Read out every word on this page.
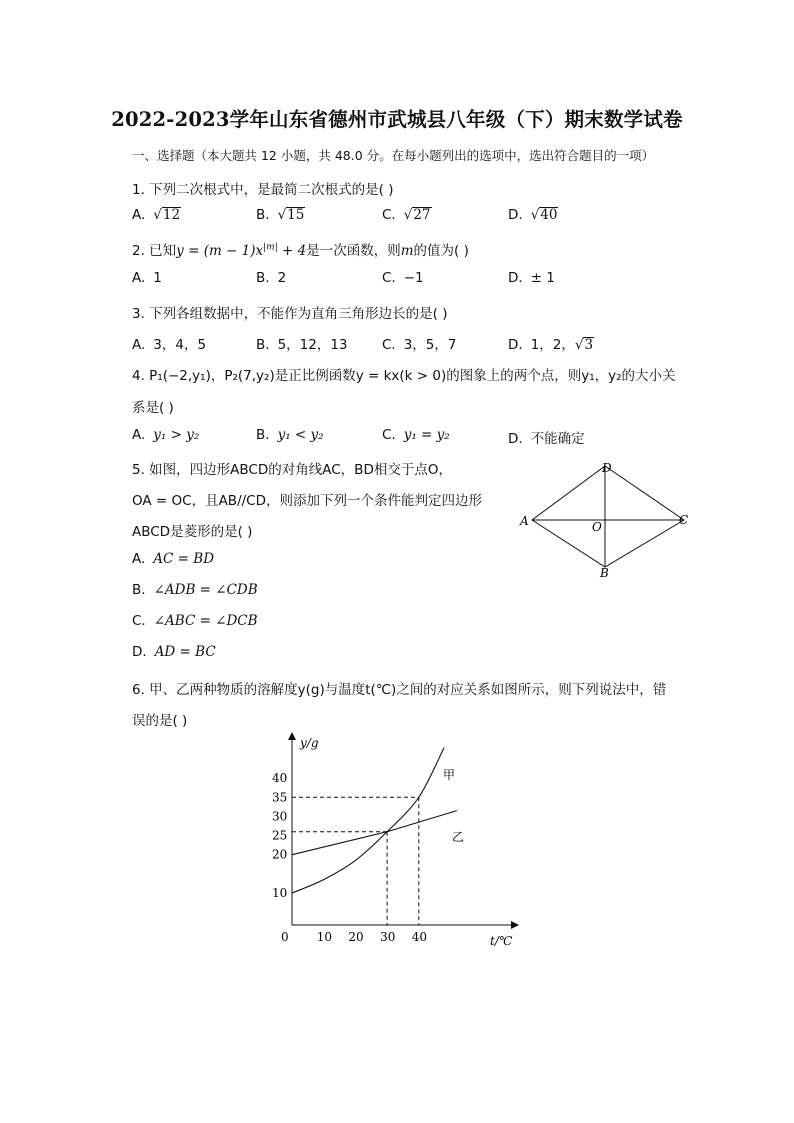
2022-2023学年山东省德州市武城县八年级（下）期末数学试卷
一、选择题（本大题共 12 小题，共 48.0 分。在每小题列出的选项中，选出符合题目的一项）
1. 下列二次根式中，是最简二次根式的是( )
A. √12	B. √15	C. √27	D. √40
2. 已知$y = (m - 1)x^{|m|} + 4$是一次函数，则m的值为( )
A. 1	B. 2	C. −1	D. ± 1
3. 下列各组数据中，不能作为直角三角形边长的是( )
A. 3，4，5	B. 5，12，13	C. 3，5，7	D. 1，2，√3
4. P₁(−2,y₁)，P₂(7,y₂)是正比例函数y = kx(k > 0)的图象上的两个点，则y₁，y₂的大小关
系是( )
A. y₁ > y₂	B. y₁ < y₂	C. y₁ = y₂	D. 不能确定
5. 如图，四边形ABCD的对角线AC，BD相交于点O，
OA = OC，且AB//CD，则添加下列一个条件能判定四边形
ABCD是菱形的是( )
A. AC = BD
B. ∠ADB = ∠CDB
C. ∠ABC = ∠DCB
D. AD = BC
D
A	C
O
B
6. 甲、乙两种物质的溶解度y(g)与温度t(℃)之间的对应关系如图所示，则下列说法中，错
误的是( )
y/g
t/℃
0 10 20 30 40
10
20
25
30
35
40	甲
乙
